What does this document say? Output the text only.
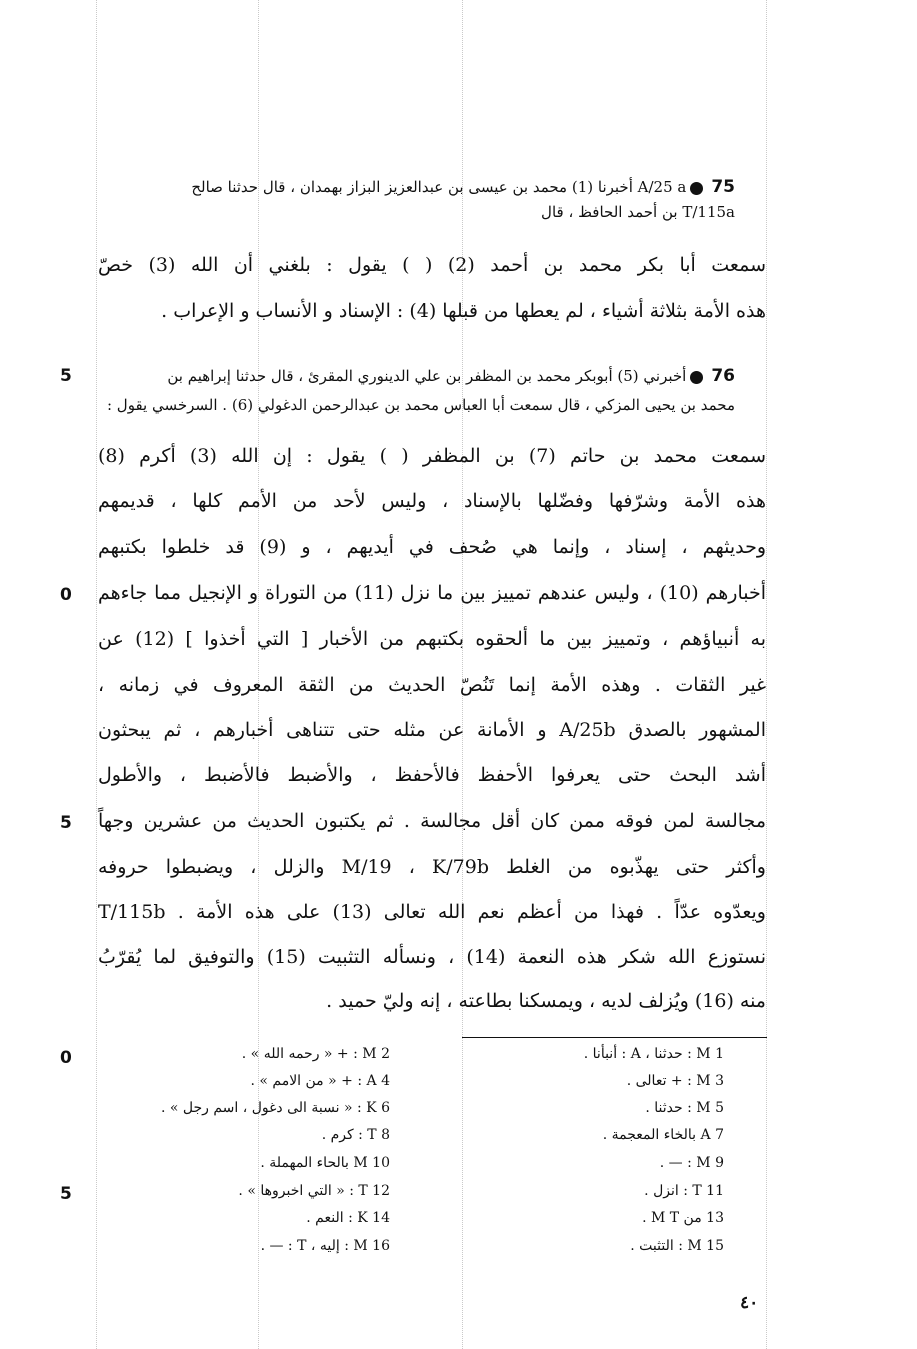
75A/25 a أخبرنا (1) محمد بن عيسى بن عبدالعزيز البزاز بهمدان ، قال حدثنا صالح
T/115a بن أحمد الحافظ ، قال
سمعت أبا بكر محمد بن أحمد (2) ( ) يقول : بلغني أن الله (3) خصّ
هذه الأمة بثلاثة أشياء ، لم يعطها من قبلها (4) : الإسناد و الأنساب و الإعراب .
5	76أخبرني (5) أبوبكر محمد بن المظفر بن علي الدينوري المقرئ ، قال حدثنا إبراهيم بن
محمد بن يحيى المزكي ، قال سمعت أبا العباس محمد بن عبدالرحمن الدغولي (6) . السرخسي يقول :
سمعت محمد بن حاتم (7) بن المظفر ( ) يقول : إن الله (3) أكرم (8)
هذه الأمة وشرّفها وفضّلها بالإسناد ، وليس لأحد من الأمم كلها ، قديمهم
وحديثهم ، إسناد ، وإنما هي صُحف في أيديهم ، و (9) قد خلطوا بكتبهم
0 أخبارهم (10) ، وليس عندهم تمييز بين ما نزل (11) من التوراة و الإنجيل مما جاءهم
به أنبياؤهم ، وتمييز بين ما ألحقوه بكتبهم من الأخبار [ التي أخذوا ] (12) عن
غير الثقات . وهذه الأمة إنما تَنُصّ الحديث من الثقة المعروف في زمانه ،
المشهور بالصدق A/25b و الأمانة عن مثله حتى تتناهى أخبارهم ، ثم يبحثون
أشد البحث حتى يعرفوا الأحفظ فالأحفظ ، والأضبط فالأضبط ، والأطول
5 مجالسة لمن فوقه ممن كان أقل مجالسة . ثم يكتبون الحديث من عشرين وجهاً
وأكثر حتى يهذّبوه من الغلط M/19 ، K/79b والزلل ، ويضبطوا حروفه
ويعدّوه عدّاً . فهذا من أعظم نعم الله تعالى (13) على هذه الأمة . T/115b
نستوزع الله شكر هذه النعمة (14) ، ونسأله التثبيت (15) والتوفيق لما يُقرّبُ
منه (16) ويُزلف لديه ، ويمسكنا بطاعته ، إنه وليّ حميد .
0
5
1 M : حدثنا ، A : أنبأنا .
3 M : + تعالى .
5 M : حدثنا .
7 A بالخاء المعجمة .
9 M : — .
11 T : انزل .
13 من M T .
15 M : التثبت .
2 M : + « رحمه الله » .
4 A : + « من الامم » .
6 K : « نسبة الى دغول ، اسم رجل » .
8 T : كرم .
10 M بالحاء المهملة .
12 T : « التي اخبروها » .
14 K : النعم .
16 M : إليه ، T : — .
٤٠
